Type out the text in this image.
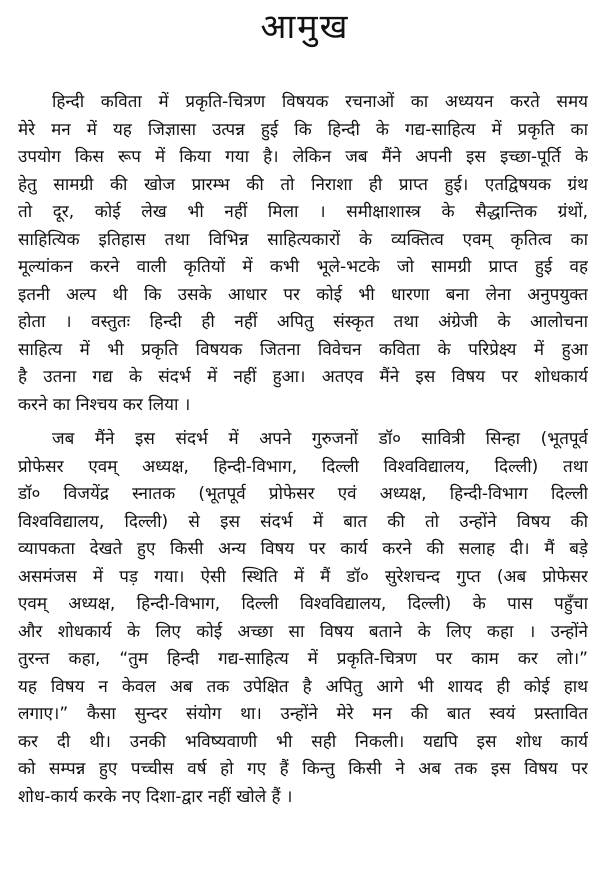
आमुख
हिन्दी कविता में प्रकृति-चित्रण विषयक रचनाओं का अध्ययन करते समय
मेरे मन में यह जिज्ञासा उत्पन्न हुई कि हिन्दी के गद्य-साहित्य में प्रकृति का
उपयोग किस रूप में किया गया है। लेकिन जब मैंने अपनी इस इच्छा-पूर्ति के
हेतु सामग्री की खोज प्रारम्भ की तो निराशा ही प्राप्त हुई। एतद्विषयक ग्रंथ
तो दूर, कोई लेख भी नहीं मिला । समीक्षाशास्त्र के सैद्धान्तिक ग्रंथों,
साहित्यिक इतिहास तथा विभिन्न साहित्यकारों के व्यक्तित्व एवम् कृतित्व का
मूल्यांकन करने वाली कृतियों में कभी भूले-भटके जो सामग्री प्राप्त हुई वह
इतनी अल्प थी कि उसके आधार पर कोई भी धारणा बना लेना अनुपयुक्त
होता । वस्तुतः हिन्दी ही नहीं अपितु संस्कृत तथा अंग्रेजी के आलोचना
साहित्य में भी प्रकृति विषयक जितना विवेचन कविता के परिप्रेक्ष्य में हुआ
है उतना गद्य के संदर्भ में नहीं हुआ। अतएव मैंने इस विषय पर शोधकार्य
करने का निश्चय कर लिया ।
जब मैंने इस संदर्भ में अपने गुरुजनों डॉ० सावित्री सिन्हा (भूतपूर्व
प्रोफेसर एवम् अध्यक्ष, हिन्दी-विभाग, दिल्ली विश्वविद्यालय, दिल्ली) तथा
डॉ० विजयेंद्र स्नातक (भूतपूर्व प्रोफेसर एवं अध्यक्ष, हिन्दी-विभाग दिल्ली
विश्वविद्यालय, दिल्ली) से इस संदर्भ में बात की तो उन्होंने विषय की
व्यापकता देखते हुए किसी अन्य विषय पर कार्य करने की सलाह दी। मैं बड़े
असमंजस में पड़ गया। ऐसी स्थिति में मैं डॉ० सुरेशचन्द गुप्त (अब प्रोफेसर
एवम् अध्यक्ष, हिन्दी-विभाग, दिल्ली विश्वविद्यालय, दिल्ली) के पास पहुँचा
और शोधकार्य के लिए कोई अच्छा सा विषय बताने के लिए कहा । उन्होंने
तुरन्त कहा, “तुम हिन्दी गद्य-साहित्य में प्रकृति-चित्रण पर काम कर लो।”
यह विषय न केवल अब तक उपेक्षित है अपितु आगे भी शायद ही कोई हाथ
लगाए।” कैसा सुन्दर संयोग था। उन्होंने मेरे मन की बात स्वयं प्रस्तावित
कर दी थी। उनकी भविष्यवाणी भी सही निकली। यद्यपि इस शोध कार्य
को सम्पन्न हुए पच्चीस वर्ष हो गए हैं किन्तु किसी ने अब तक इस विषय पर
शोध-कार्य करके नए दिशा-द्वार नहीं खोले हैं ।
